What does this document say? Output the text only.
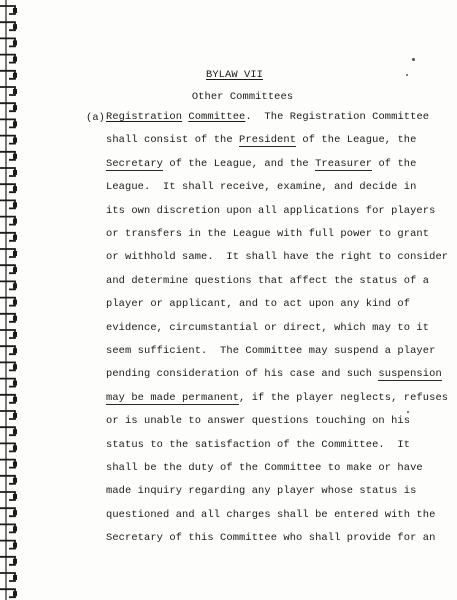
BYLAW VII
Other Committees
(a) Registration Committee.  The Registration Committee
shall consist of the President of the League, the
Secretary of the League, and the Treasurer of the
League.  It shall receive, examine, and decide in
its own discretion upon all applications for players
or transfers in the League with full power to grant
or withhold same.  It shall have the right to consider
and determine questions that affect the status of a
player or applicant, and to act upon any kind of
evidence, circumstantial or direct, which may to it
seem sufficient.  The Committee may suspend a player
pending consideration of his case and such suspension
may be made permanent, if the player neglects, refuses
or is unable to answer questions touching on his
status to the satisfaction of the Committee.  It
shall be the duty of the Committee to make or have
made inquiry regarding any player whose status is
questioned and all charges shall be entered with the
Secretary of this Committee who shall provide for an
